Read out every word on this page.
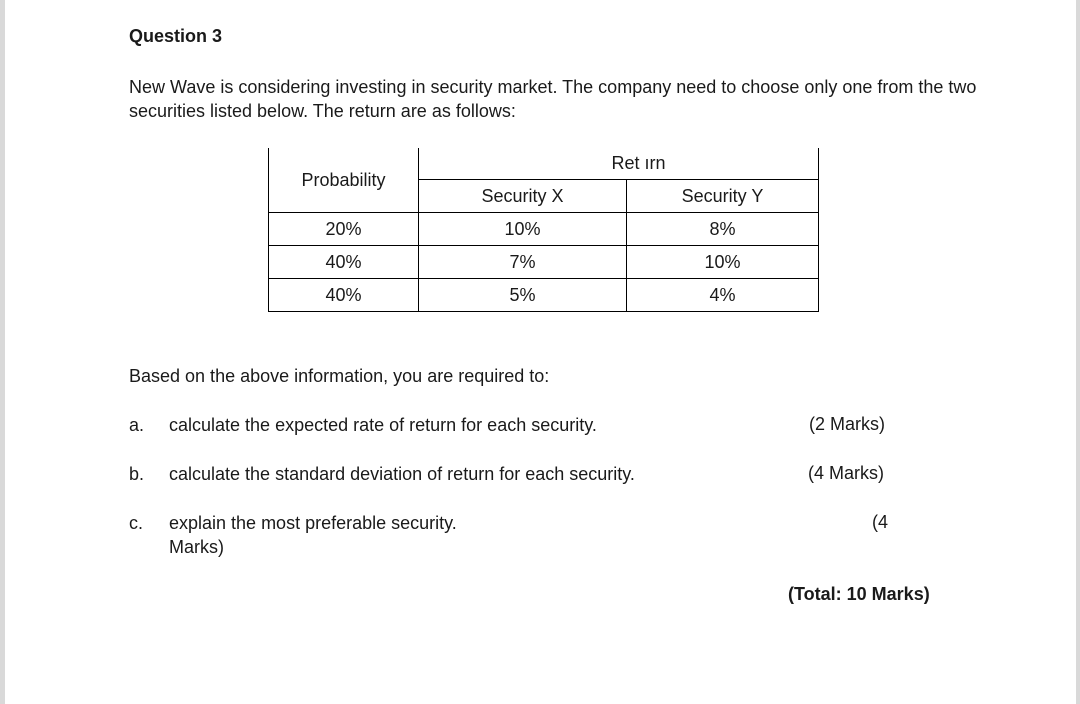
Question 3
New Wave is considering investing in security market. The company need to choose only one from the two securities listed below. The return are as follows:
Probability	Ret ırn	
	Security X	Security Y
20%	10%	8%
40%	7%	10%
40%	5%	4%
Based on the above information, you are required to:
a. calculate the expected rate of return for each security.	(2 Marks)
b. calculate the standard deviation of return for each security.	(4 Marks)
c. explain the most preferable security.
Marks)
(4
(Total: 10 Marks)
